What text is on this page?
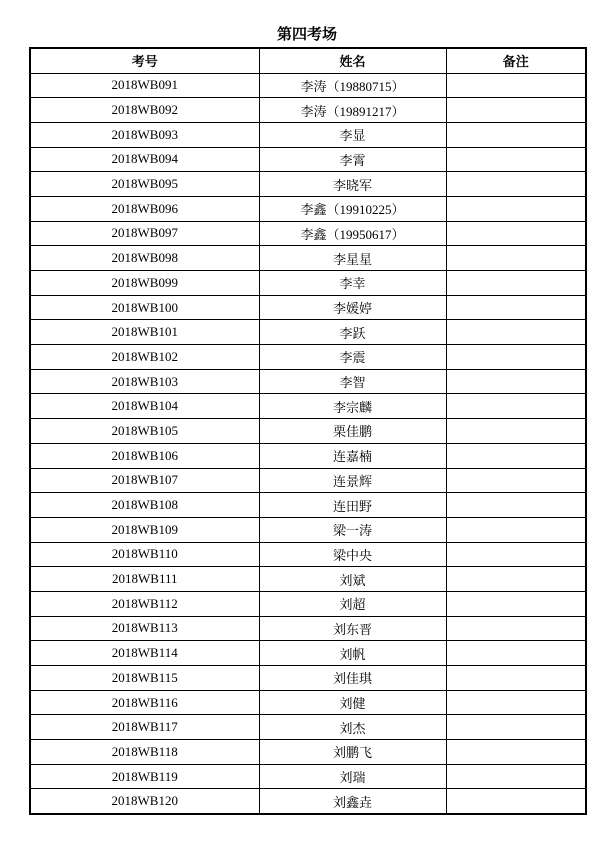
第四考场
考号	姓名	备注
2018WB091	李涛（19880715）	
2018WB092	李涛（19891217）	
2018WB093	李显	
2018WB094	李霄	
2018WB095	李晓军	
2018WB096	李鑫（19910225）	
2018WB097	李鑫（19950617）	
2018WB098	李星星	
2018WB099	李幸	
2018WB100	李媛婷	
2018WB101	李跃	
2018WB102	李震	
2018WB103	李智	
2018WB104	李宗麟	
2018WB105	栗佳鹏	
2018WB106	连嘉楠	
2018WB107	连景辉	
2018WB108	连田野	
2018WB109	梁一涛	
2018WB110	梁中央	
2018WB111	刘斌	
2018WB112	刘超	
2018WB113	刘东晋	
2018WB114	刘帆	
2018WB115	刘佳琪	
2018WB116	刘健	
2018WB117	刘杰	
2018WB118	刘鹏飞	
2018WB119	刘瑞	
2018WB120	刘鑫垚	
